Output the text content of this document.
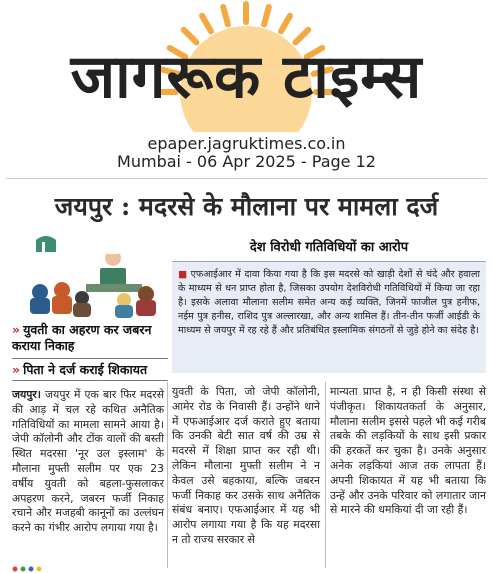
जागरूक टाइम्स
epaper.jagruktimes.co.in
Mumbai - 06 Apr 2025 - Page 12
जयपुर : मदरसे के मौलाना पर मामला दर्ज
» युवती का अहरण कर जबरन कराया निकाह
» पिता ने दर्ज कराई शिकायत
देश विरोधी गतिविधियों का आरोप
■ एफआईआर में दावा किया गया है कि इस मदरसे को खाड़ी देशों से चंदे और हवाला के माध्यम से धन प्राप्त होता है, जिसका उपयोग देशविरोधी गतिविधियों में किया जा रहा है। इसके अलावा मौलाना सलीम समेत अन्य कई व्यक्ति, जिनमें फाजील पुत्र हनीफ, नईम पुत्र हनीस, राशिद पुत्र अल्लारखा, और अन्य शामिल हैं। तीन-तीन फर्जी आईडी के माध्यम से जयपुर में रह रहे हैं और प्रतिबंधित इस्लामिक संगठनों से जुड़े होने का संदेह है।
जयपुर। जयपुर में एक बार फिर मदरसे की आड़ में चल रहे कथित अनैतिक गतिविधियों का मामला सामने आया है। जेपी कॉलोनी और टोंक वालों की बस्ती स्थित मदरसा 'नूर उल इस्लाम' के मौलाना मुफ्ती सलीम पर एक 23 वर्षीय युवती को बहला-फुसलाकर अपहरण करने, जबरन फर्जी निकाह रचाने और मजहबी कानूनों का उल्लंघन करने का गंभीर आरोप लगाया गया है।
युवती के पिता, जो जेपी कॉलोनी, आमेर रोड के निवासी हैं। उन्होंने थाने में एफआईआर दर्ज कराते हुए बताया कि उनकी बेटी सात वर्ष की उम्र से मदरसे में शिक्षा प्राप्त कर रही थी। लेकिन मौलाना मुफ्ती सलीम ने न केवल उसे बहकाया, बल्कि जबरन फर्जी निकाह कर उसके साथ अनैतिक संबंध बनाए। एफआईआर में यह भी आरोप लगाया गया है कि यह मदरसा न तो राज्य सरकार से
मान्यता प्राप्त है, न ही किसी संस्था से पंजीकृत। शिकायतकर्ता के अनुसार, मौलाना सलीम इससे पहले भी कई गरीब तबके की लड़कियों के साथ इसी प्रकार की हरकतें कर चुका है। उनके अनुसार अनेक लड़कियां आज तक लापता हैं। अपनी शिकायत में यह भी बताया कि उन्हें और उनके परिवार को लगातार जान से मारने की धमकियां दी जा रही हैं।
